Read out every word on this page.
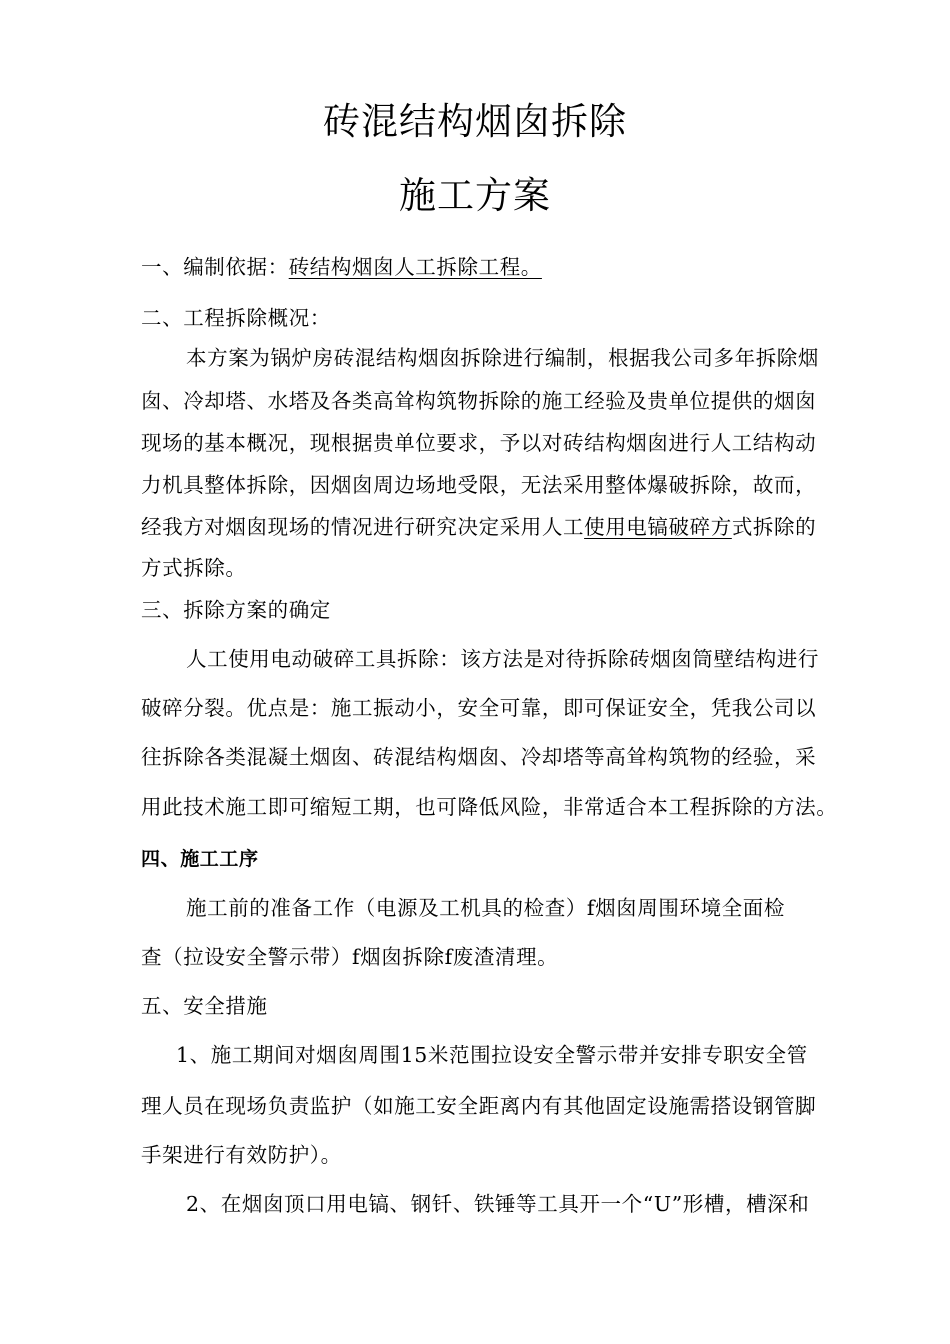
砖混结构烟囱拆除
施工方案
一、编制依据：砖结构烟囱人工拆除工程。
二、工程拆除概况：
本方案为锅炉房砖混结构烟囱拆除进行编制，根据我公司多年拆除烟
囱、冷却塔、水塔及各类高耸构筑物拆除的施工经验及贵单位提供的烟囱
现场的基本概况，现根据贵单位要求，予以对砖结构烟囱进行人工结构动
力机具整体拆除，因烟囱周边场地受限，无法采用整体爆破拆除，故而，
经我方对烟囱现场的情况进行研究决定采用人工使用电镐破碎方式拆除的
方式拆除。
三、拆除方案的确定
人工使用电动破碎工具拆除：该方法是对待拆除砖烟囱筒壁结构进行
破碎分裂。优点是：施工振动小，安全可靠，即可保证安全，凭我公司以
往拆除各类混凝土烟囱、砖混结构烟囱、冷却塔等高耸构筑物的经验，采
用此技术施工即可缩短工期，也可降低风险，非常适合本工程拆除的方法。
四、施工工序
施工前的准备工作（电源及工机具的检查）f烟囱周围环境全面检
查（拉设安全警示带）f烟囱拆除f废渣清理。
五、安全措施
1、施工期间对烟囱周围15米范围拉设安全警示带并安排专职安全管
理人员在现场负责监护（如施工安全距离内有其他固定设施需搭设钢管脚
手架进行有效防护）。
2、在烟囱顶口用电镐、钢钎、铁锤等工具开一个“U”形槽，槽深和
